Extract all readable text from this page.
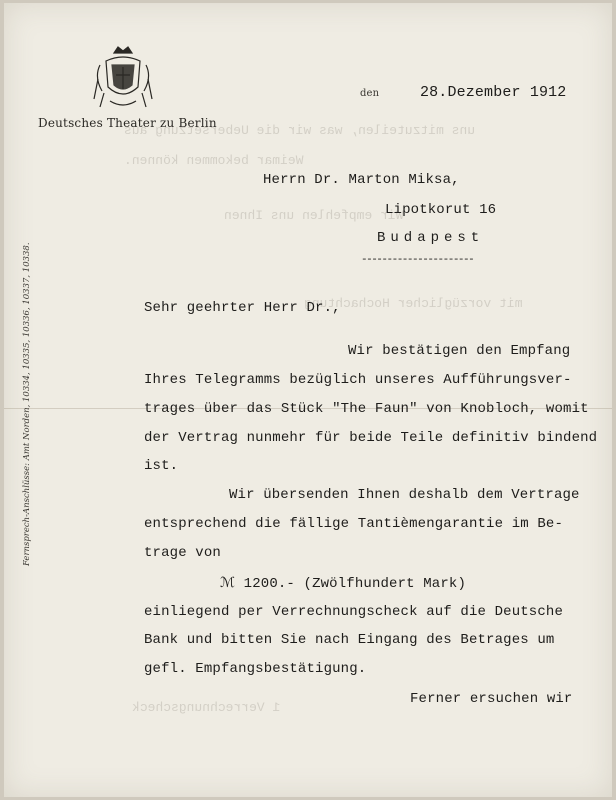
uns mitzuteilen, was wir die Uebersetzung aus
Weimar bekommen können.
Wir empfehlen uns Ihnen
mit vorzüglicher Hochachtung
1 Verrechnungscheck
Deutsches Theater zu Berlin
Fernsprech-Anschlüsse: Amt Norden, 10334, 10335, 10336, 10337, 10338.
den	28.Dezember 1912
Herrn Dr. Marton Miksa,
Lipotkorut 16
Budapest
----------------------
Sehr geehrter Herr Dr.,
Wir bestätigen den Empfang
Ihres Telegramms bezüglich unseres Aufführungsver-
trages über das Stück "The Faun" von Knobloch, womit
der Vertrag nunmehr für beide Teile definitiv bindend
ist.
Wir übersenden Ihnen deshalb dem Vertrage
entsprechend die fällige Tantièmengarantie im Be-
trage von
ℳ 1200.- (Zwölfhundert Mark)
einliegend per Verrechnungscheck auf die Deutsche
Bank und bitten Sie nach Eingang des Betrages um
gefl. Empfangsbestätigung.
Ferner ersuchen wir
